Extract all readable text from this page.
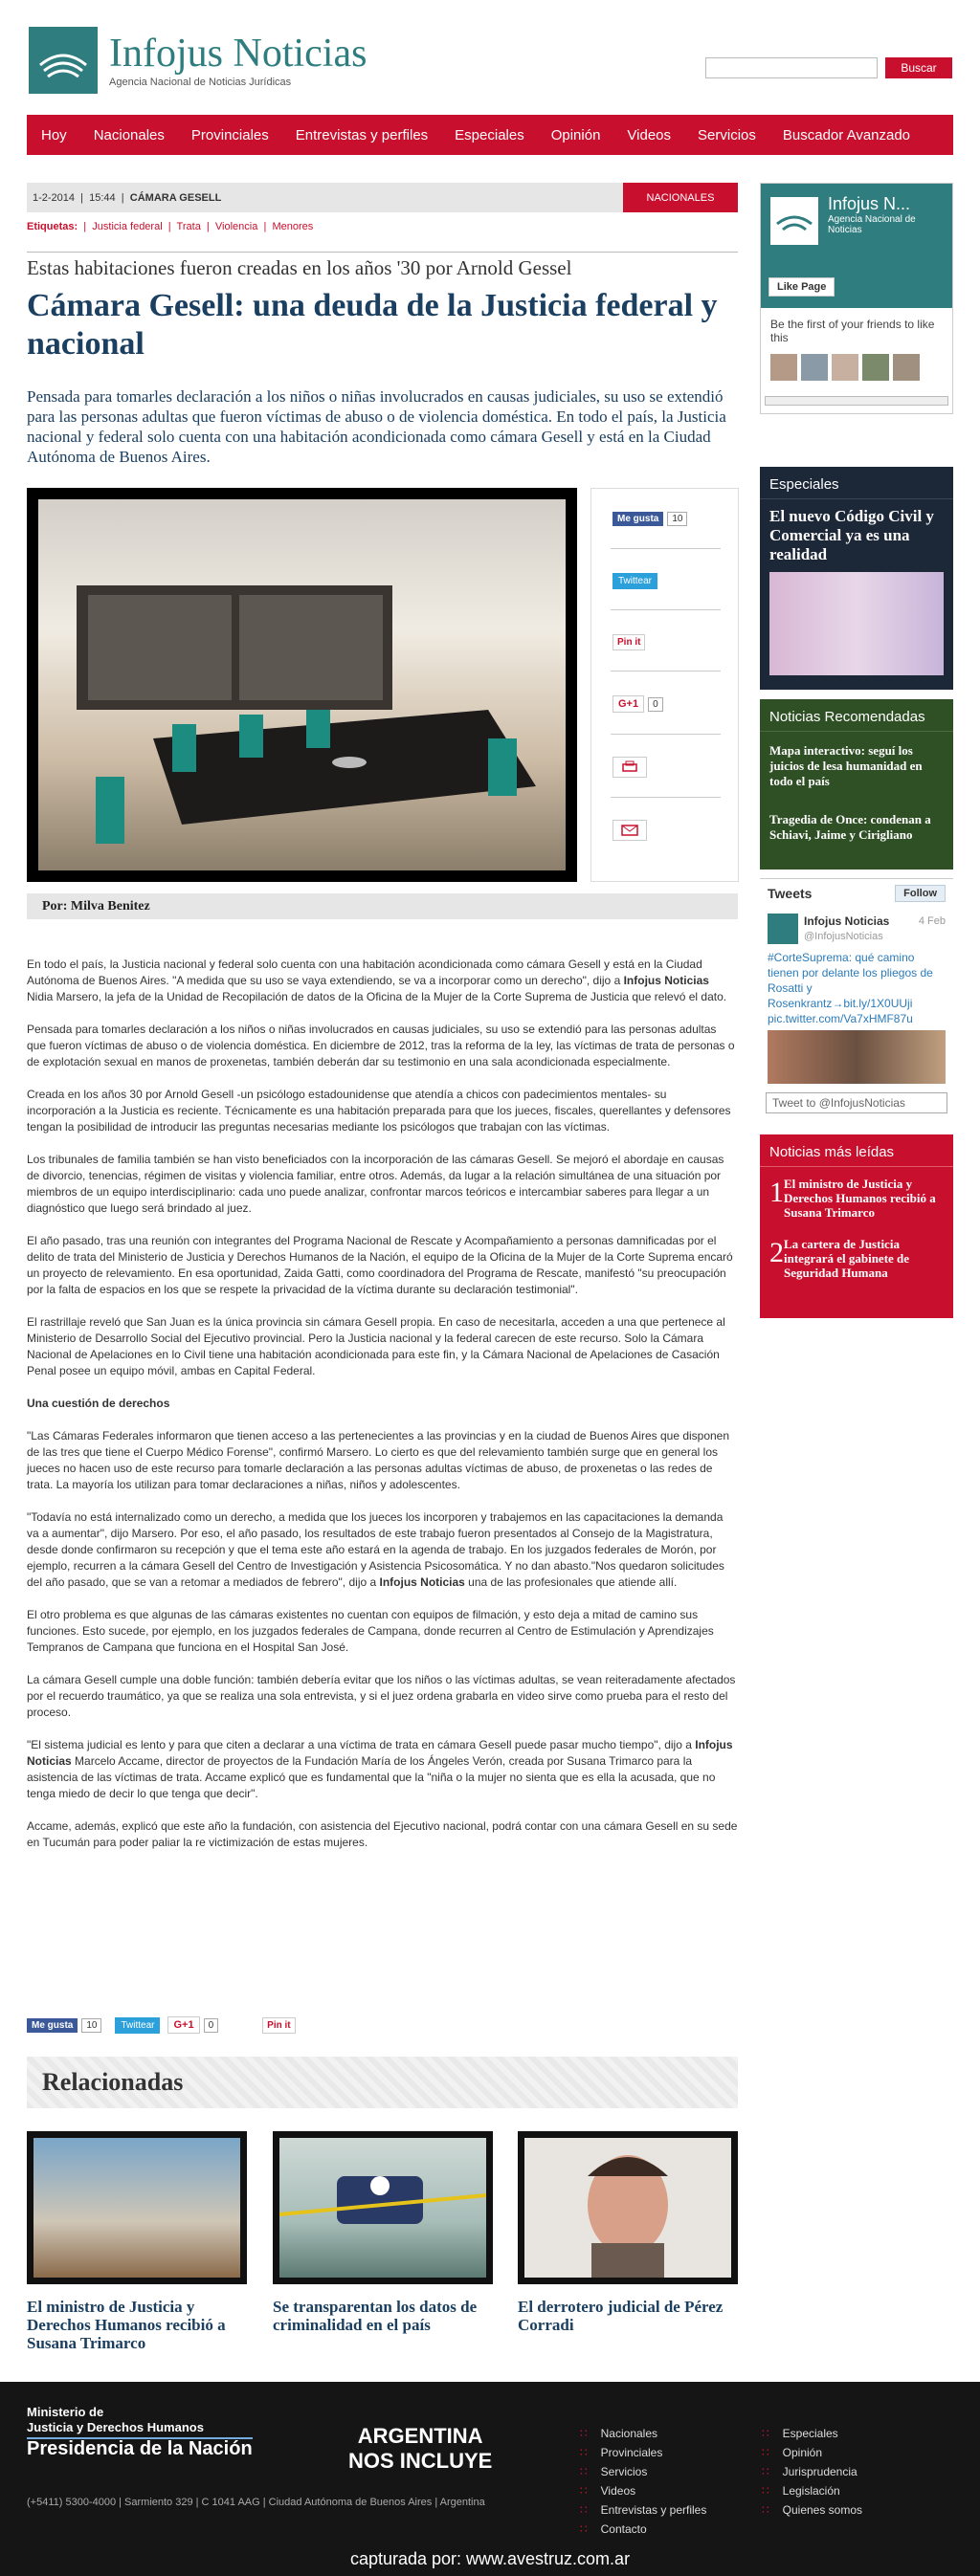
Infojus Noticias
Agencia Nacional de Noticias Jurídicas
Buscar
Hoy Nacionales Provinciales Entrevistas y perfiles Especiales Opinión Videos Servicios Buscador Avanzado
1-2-2014  |  15:44  |  CÁMARA GESELL	NACIONALES
Etiquetas:  |  Justicia federal  |  Trata  |  Violencia  |  Menores
Estas habitaciones fueron creadas en los años '30 por Arnold Gessel
Cámara Gesell: una deuda de la Justicia federal y nacional
Pensada para tomarles declaración a los niños o niñas involucrados en causas judiciales, su uso se extendió para las personas adultas que fueron víctimas de abuso o de violencia doméstica. En todo el país, la Justicia nacional y federal solo cuenta con una habitación acondicionada como cámara Gesell y está en la Ciudad Autónoma de Buenos Aires.
Me gusta	10
Twittear
Pin it
G+1	0
Por: Milva Benitez

En todo el país, la Justicia nacional y federal solo cuenta con una habitación acondicionada como cámara Gesell y está en la Ciudad Autónoma de Buenos Aires. "A medida que su uso se vaya extendiendo, se va a incorporar como un derecho", dijo a Infojus Noticias Nidia Marsero, la jefa de la Unidad de Recopilación de datos de la Oficina de la Mujer de la Corte Suprema de Justicia que relevó el dato.

Pensada para tomarles declaración a los niños o niñas involucrados en causas judiciales, su uso se extendió para las personas adultas que fueron víctimas de abuso o de violencia doméstica. En diciembre de 2012, tras la reforma de la ley, las víctimas de trata de personas o de explotación sexual en manos de proxenetas, también deberán dar su testimonio en una sala acondicionada especialmente.

Creada en los años 30 por Arnold Gesell -un psicólogo estadounidense que atendía a chicos con padecimientos mentales- su incorporación a la Justicia es reciente. Técnicamente es una habitación preparada para que los jueces, fiscales, querellantes y defensores tengan la posibilidad de introducir las preguntas necesarias mediante los psicólogos que trabajan con las víctimas.

Los tribunales de familia también se han visto beneficiados con la incorporación de las cámaras Gesell. Se mejoró el abordaje en causas de divorcio, tenencias, régimen de visitas y violencia familiar, entre otros. Además, da lugar a la relación simultánea de una situación por miembros de un equipo interdisciplinario: cada uno puede analizar, confrontar marcos teóricos e intercambiar saberes para llegar a un diagnóstico que luego será brindado al juez.

El año pasado, tras una reunión con integrantes del Programa Nacional de Rescate y Acompañamiento a personas damnificadas por el delito de trata del Ministerio de Justicia y Derechos Humanos de la Nación, el equipo de la Oficina de la Mujer de la Corte Suprema encaró un proyecto de relevamiento. En esa oportunidad, Zaida Gatti, como coordinadora del Programa de Rescate, manifestó "su preocupación por la falta de espacios en los que se respete la privacidad de la víctima durante su declaración testimonial".

El rastrillaje reveló que San Juan es la única provincia sin cámara Gesell propia. En caso de necesitarla, acceden a una que pertenece al Ministerio de Desarrollo Social del Ejecutivo provincial. Pero la Justicia nacional y la federal carecen de este recurso. Solo la Cámara Nacional de Apelaciones en lo Civil tiene una habitación acondicionada para este fin, y la Cámara Nacional de Apelaciones de Casación Penal posee un equipo móvil, ambas en Capital Federal.

Una cuestión de derechos

"Las Cámaras Federales informaron que tienen acceso a las pertenecientes a las provincias y en la ciudad de Buenos Aires que disponen de las tres que tiene el Cuerpo Médico Forense", confirmó Marsero. Lo cierto es que del relevamiento también surge que en general los jueces no hacen uso de este recurso para tomarle declaración a las personas adultas víctimas de abuso, de proxenetas o las redes de trata. La mayoría los utilizan para tomar declaraciones a niñas, niños y adolescentes.

"Todavía no está internalizado como un derecho, a medida que los jueces los incorporen y trabajemos en las capacitaciones la demanda va a aumentar", dijo Marsero. Por eso, el año pasado, los resultados de este trabajo fueron presentados al Consejo de la Magistratura, desde donde confirmaron su recepción y que el tema este año estará en la agenda de trabajo. En los juzgados federales de Morón, por ejemplo, recurren a la cámara Gesell del Centro de Investigación y Asistencia Psicosomática. Y no dan abasto."Nos quedaron solicitudes del año pasado, que se van a retomar a mediados de febrero", dijo a Infojus Noticias una de las profesionales que atiende allí.

El otro problema es que algunas de las cámaras existentes no cuentan con equipos de filmación, y esto deja a mitad de camino sus funciones. Esto sucede, por ejemplo, en los juzgados federales de Campana, donde recurren al Centro de Estimulación y Aprendizajes Tempranos de Campana que funciona en el Hospital San José.

La cámara Gesell cumple una doble función: también debería evitar que los niños o las víctimas adultas, se vean reiteradamente afectados por el recuerdo traumático, ya que se realiza una sola entrevista, y si el juez ordena grabarla en video sirve como prueba para el resto del proceso.

"El sistema judicial es lento y para que citen a declarar a una víctima de trata en cámara Gesell puede pasar mucho tiempo", dijo a Infojus Noticias Marcelo Accame, director de proyectos de la Fundación María de los Ángeles Verón, creada por Susana Trimarco para la asistencia de las víctimas de trata. Accame explicó que es fundamental que la "niña o la mujer no sienta que es ella la acusada, que no tenga miedo de decir lo que tenga que decir".

Accame, además, explicó que este año la fundación, con asistencia del Ejecutivo nacional, podrá contar con una cámara Gesell en su sede en Tucumán para poder paliar la re victimización de estas mujeres.

Me gusta	10	Twittear	G+1	0	Pin it
Relacionadas
El ministro de Justicia y Derechos Humanos recibió a Susana Trimarco
Se transparentan los datos de criminalidad en el país
El derrotero judicial de Pérez Corradi
Infojus N...
Agencia Nacional de Noticias
Like Page
Be the first of your friends to like this
Especiales
El nuevo Código Civil y Comercial ya es una realidad
Noticias Recomendadas
Mapa interactivo: seguí los juicios de lesa humanidad en todo el país
Tragedia de Once: condenan a Schiavi, Jaime y Cirigliano
Tweets	Follow
Infojus Noticias	4 Feb
@InfojusNoticias
#CorteSuprema: qué camino tienen por delante los pliegos de Rosatti y Rosenkrantz→bit.ly/1X0UUji pic.twitter.com/Va7xHMF87u
Tweet to @InfojusNoticias
Noticias más leídas
1 El ministro de Justicia y Derechos Humanos recibió a Susana Trimarco
2 La cartera de Justicia integrará el gabinete de Seguridad Humana
Ministerio de
Justicia y Derechos Humanos
Presidencia de la Nación
(+5411) 5300-4000 | Sarmiento 329 | C 1041 AAG | Ciudad Autónoma de Buenos Aires | Argentina
ARGENTINA
NOS INCLUYE
∷ Nacionales
∷ Provinciales
∷ Servicios
∷ Videos
∷ Entrevistas y perfiles
∷ Contacto
∷ Especiales
∷ Opinión
∷ Jurisprudencia
∷ Legislación
∷ Quienes somos
capturada por: www.avestruz.com.ar
